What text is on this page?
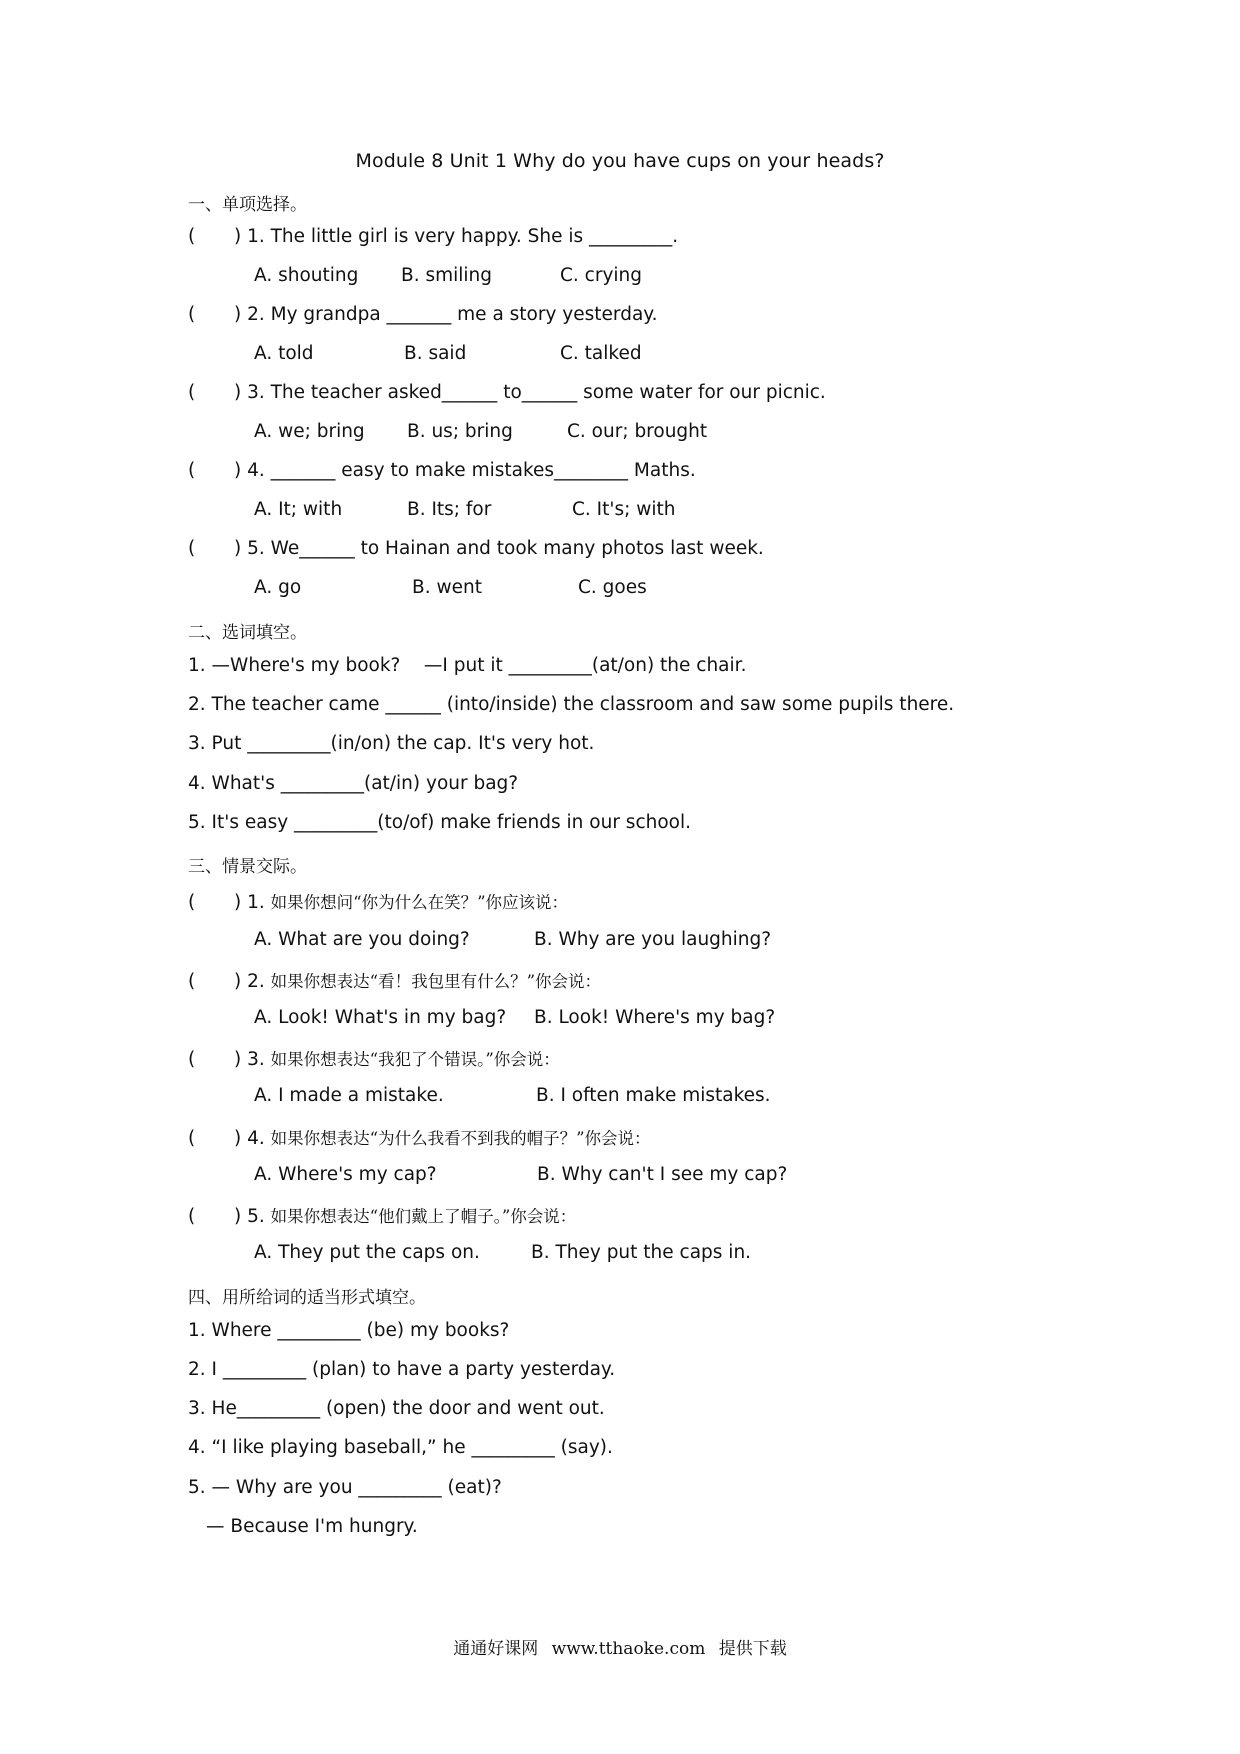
Module 8 Unit 1 Why do you have cups on your heads?
一、单项选择。
( ) 1. The little girl is very happy. She is _________.
A. shouting B. smiling	C. crying
( ) 2. My grandpa _______ me a story yesterday.
A. told	B. said	C. talked
( ) 3. The teacher asked______ to______ some water for our picnic.
A. we; bring B. us; bring	C. our; brought
( ) 4. _______ easy to make mistakes________ Maths.
A. It; with	B. Its; for	C. It's; with
( ) 5. We______ to Hainan and took many photos last week.
A. go	B. went	C. goes
二、选词填空。
1. —Where's my book?    —I put it _________(at/on) the chair.
2. The teacher came ______ (into/inside) the classroom and saw some pupils there.
3. Put _________(in/on) the cap. It's very hot.
4. What's _________(at/in) your bag?
5. It's easy _________(to/of) make friends in our school.
三、情景交际。
( ) 1. 如果你想问“你为什么在笑？”你应该说：
A. What are you doing?	B. Why are you laughing?
( ) 2. 如果你想表达“看！我包里有什么？”你会说：
A. Look! What's in my bag? B. Look! Where's my bag?
( ) 3. 如果你想表达“我犯了个错误。”你会说：
A. I made a mistake.	B. I often make mistakes.
( ) 4. 如果你想表达“为什么我看不到我的帽子？”你会说：
A. Where's my cap?	B. Why can't I see my cap?
( ) 5. 如果你想表达“他们戴上了帽子。”你会说：
A. They put the caps on.	B. They put the caps in.
四、用所给词的适当形式填空。
1. Where _________ (be) my books?
2. I _________ (plan) to have a party yesterday.
3. He_________ (open) the door and went out.
4. “I like playing baseball,” he _________ (say).
5. — Why are you _________ (eat)?
— Because I'm hungry.
通通好课网 www.tthaoke.com 提供下载
